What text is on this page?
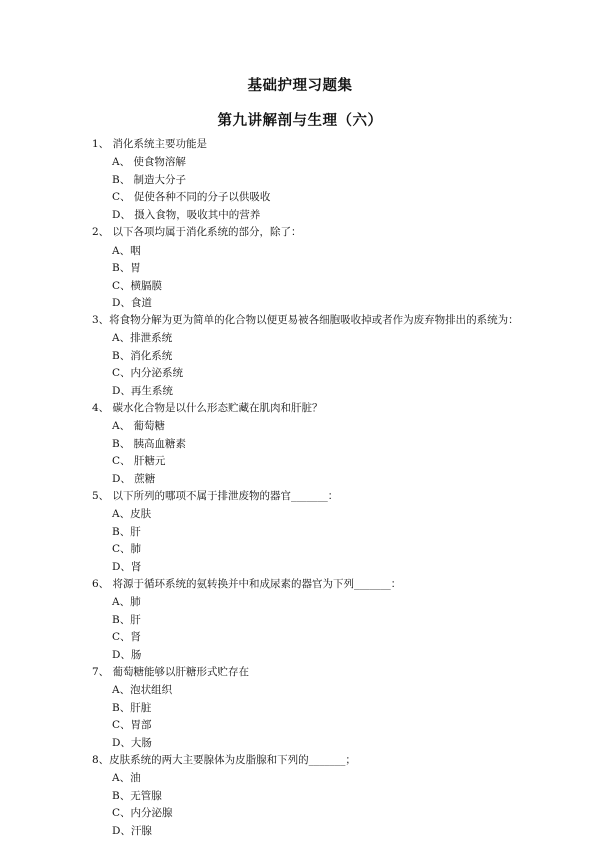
基础护理习题集
第九讲解剖与生理（六）
1、 消化系统主要功能是
A、 使食物溶解
B、 制造大分子
C、 促使各种不同的分子以供吸收
D、 摄入食物，吸收其中的营养
2、 以下各项均属于消化系统的部分，除了：
A、咽
B、胃
C、横膈膜
D、食道
3、将食物分解为更为简单的化合物以便更易被各细胞吸收掉或者作为废弃物排出的系统为：
A、排泄系统
B、消化系统
C、内分泌系统
D、再生系统
4、 碳水化合物是以什么形态贮藏在肌肉和肝脏？
A、 葡萄糖
B、 胰高血糖素
C、 肝糖元
D、 蔗糖
5、 以下所列的哪项不属于排泄废物的器官_______：
A、皮肤
B、肝
C、肺
D、肾
6、 将源于循环系统的氨转换并中和成尿素的器官为下列_______：
A、肺
B、肝
C、肾
D、肠
7、 葡萄糖能够以肝糖形式贮存在
A、泡状组织
B、肝脏
C、胃部
D、大肠
8、皮肤系统的两大主要腺体为皮脂腺和下列的_______；
A、油
B、无管腺
C、内分泌腺
D、汗腺
